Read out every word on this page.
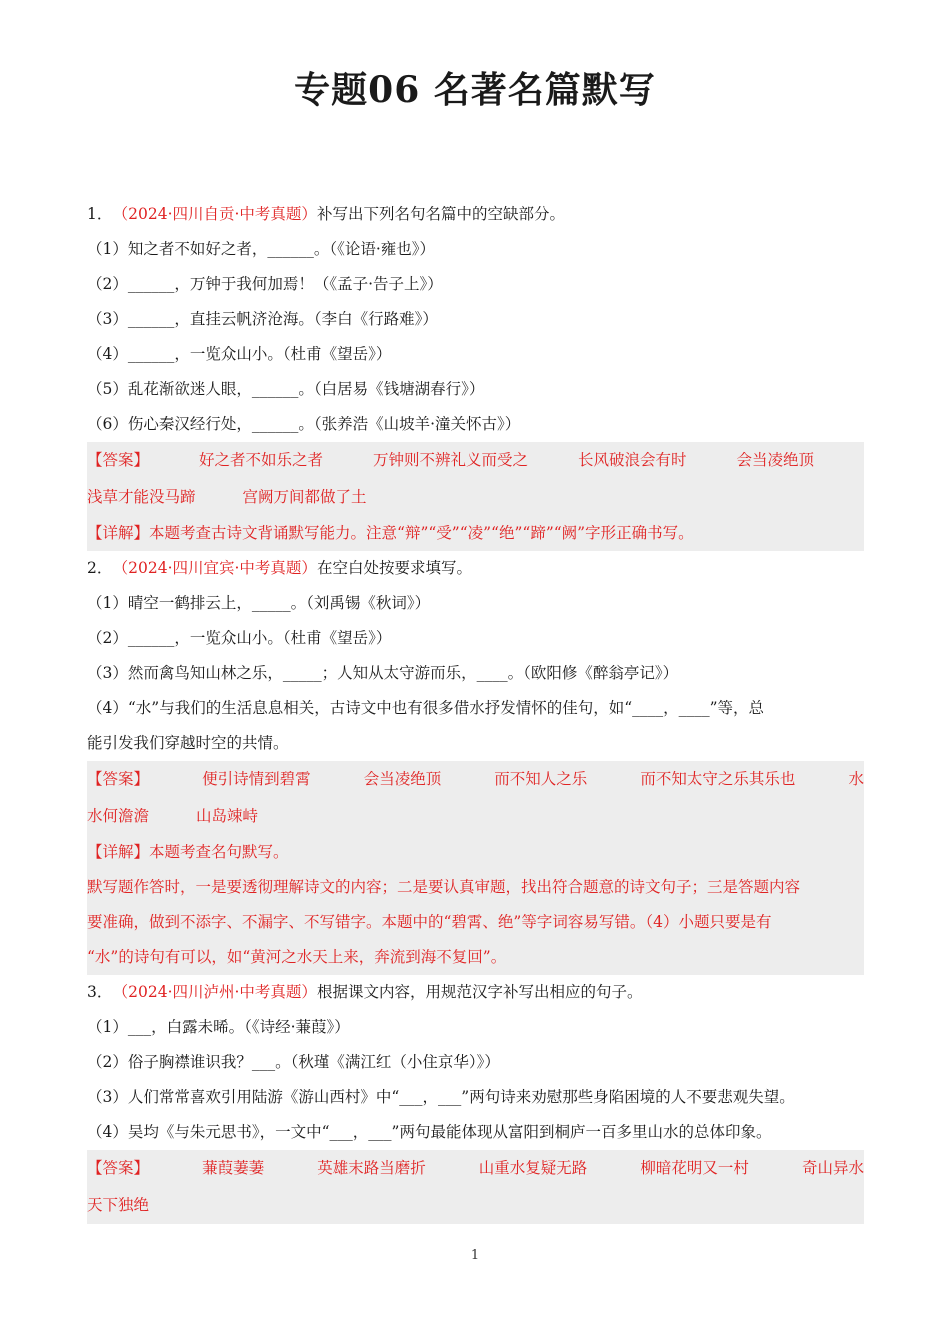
专题06 名著名篇默写
1． （2024·四川自贡·中考真题）补写出下列名句名篇中的空缺部分。
（1）知之者不如好之者，______。（《论语·雍也》）
（2）______，万钟于我何加焉！（《孟子·告子上》）
（3）______，直挂云帆济沧海。（李白《行路难》）
（4）______，一览众山小。（杜甫《望岳》）
（5）乱花渐欲迷人眼，______。（白居易《钱塘湖春行》）
（6）伤心秦汉经行处，______。（张养浩《山坡羊·潼关怀古》）
【答案】	好之者不如乐之者	万钟则不辨礼义而受之	长风破浪会有时	会当凌绝顶
浅草才能没马蹄	宫阙万间都做了土
【详解】本题考查古诗文背诵默写能力。注意“辩”“受”“凌”“绝”“蹄”“阙”字形正确书写。
2． （2024·四川宜宾·中考真题）在空白处按要求填写。
（1）晴空一鹤排云上，_____。（刘禹锡《秋词》）
（2）______，一览众山小。（杜甫《望岳》）
（3）然而禽鸟知山林之乐，_____；人知从太守游而乐，____。（欧阳修《醉翁亭记》）
（4）“水”与我们的生活息息相关，古诗文中也有很多借水抒发情怀的佳句，如“____，____”等，总
能引发我们穿越时空的共情。
【答案】	便引诗情到碧霄	会当凌绝顶	而不知人之乐	而不知太守之乐其乐也	水
水何澹澹	山岛竦峙
【详解】本题考查名句默写。
默写题作答时，一是要透彻理解诗文的内容；二是要认真审题，找出符合题意的诗文句子；三是答题内容
要准确，做到不添字、不漏字、不写错字。本题中的“碧霄、绝”等字词容易写错。（4）小题只要是有
“水”的诗句有可以，如“黄河之水天上来，奔流到海不复回”。
3． （2024·四川泸州·中考真题）根据课文内容，用规范汉字补写出相应的句子。
（1）___，白露未晞。（《诗经·蒹葭》）
（2）俗子胸襟谁识我？___。（秋瑾《满江红（小住京华）》）
（3）人们常常喜欢引用陆游《游山西村》中“___，___”两句诗来劝慰那些身陷困境的人不要悲观失望。
（4）吴均《与朱元思书》，一文中“___，___”两句最能体现从富阳到桐庐一百多里山水的总体印象。
【答案】	蒹葭萋萋	英雄末路当磨折	山重水复疑无路	柳暗花明又一村	奇山异水
天下独绝
1
